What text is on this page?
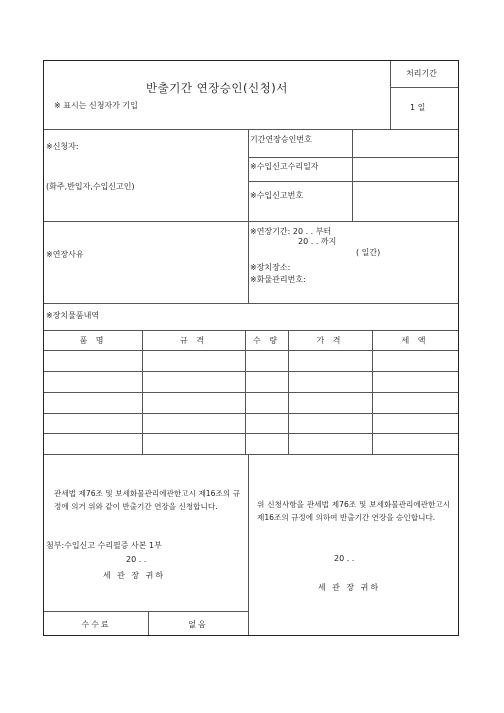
반출기간 연장승인(신청)서
※ 표시는 신청자가 기입
처리기간
1 일
※신청자:
(화주,반입자,수입신고인)
기간연장승인번호
※수입신고수리일자
※수입신고번호
※연장사유
※연장기간: 20 . . 부터
20 . . 까지
( 일간)
※장치장소:
※화물관리번호:
※장치물품내역
품 명	규 격	수 량	가 격	세 액
관세법 제76조 및 보세화물관리에관한고시 제16조의 규정에 의거 위와 같이 반출기간 연장을 신청합니다.
첨부:수입신고 수리필증 사본 1부
20 . .
세 관 장 귀하
위 신청사항을 관세법 제76조 및 보세화물관리에관한고시 제16조의 규정에 의하여 반출기간 연장을 승인합니다.
20 . .
세 관 장 귀하
수수료	없음
